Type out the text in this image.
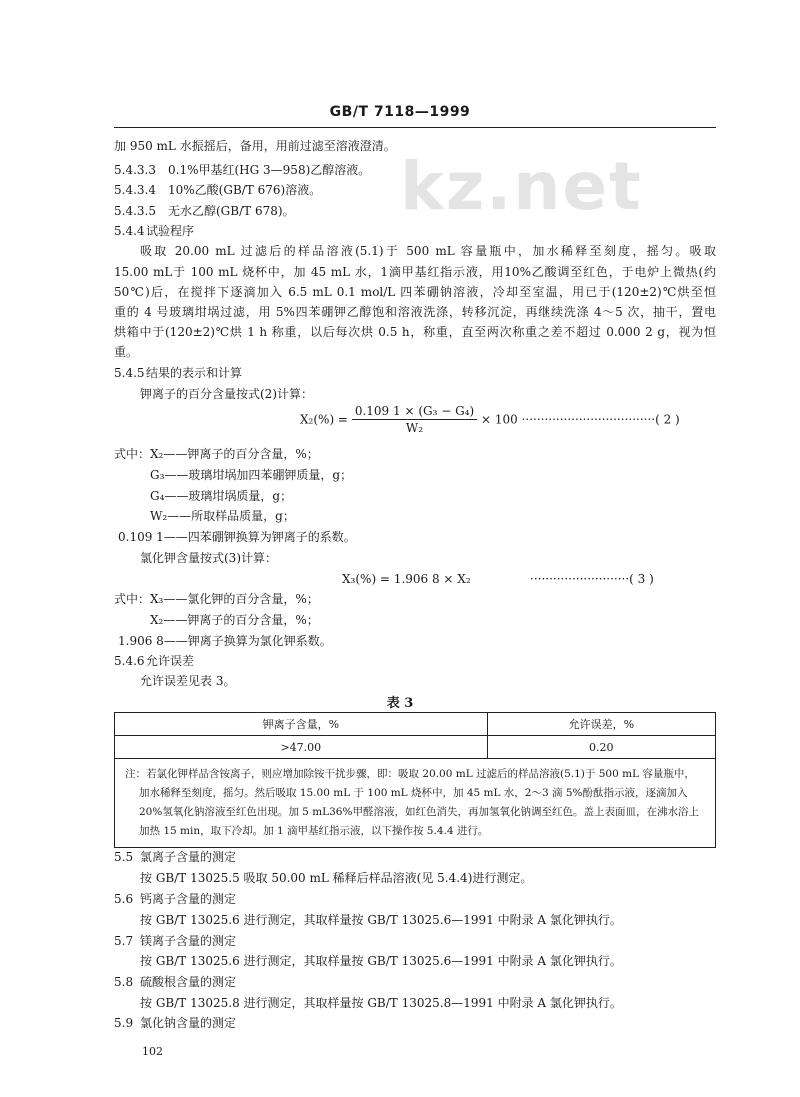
kz.net
GB/T 7118—1999
加 950 mL 水振摇后，备用，用前过滤至溶液澄清。
5.4.3.3 0.1%甲基红(HG 3—958)乙醇溶液。
5.4.3.4 10%乙酸(GB/T 676)溶液。
5.4.3.5 无水乙醇(GB/T 678)。
5.4.4试验程序
吸取 20.00 mL 过滤后的样品溶液(5.1)于 500 mL 容量瓶中，加水稀释至刻度，摇匀。吸取
15.00 mL于 100 mL 烧杯中，加 45 mL 水，1滴甲基红指示液，用10%乙酸调至红色，于电炉上微热(约
50℃)后，在搅拌下逐滴加入 6.5 mL 0.1 mol/L 四苯硼钠溶液，冷却至室温，用已于(120±2)℃烘至恒
重的 4 号玻璃坩埚过滤，用 5%四苯硼钾乙醇饱和溶液洗涤，转移沉淀，再继续洗涤 4～5 次，抽干，置电
烘箱中于(120±2)℃烘 1 h 称重，以后每次烘 0.5 h，称重，直至两次称重之差不超过 0.000 2 g，视为恒
重。
5.4.5结果的表示和计算
钾离子的百分含量按式(2)计算：
$X_2(\%) = \frac{\text{0.109 1 × (G₃ − G₄)}}{\text{W₂}} \times 100$ ···································( 2 )
式中：X₂——钾离子的百分含量，%；
G₃——玻璃坩埚加四苯硼钾质量，g；
G₄——玻璃坩埚质量，g；
W₂——所取样品质量，g；
0.109 1——四苯硼钾换算为钾离子的系数。
氯化钾含量按式(3)计算：
X₃(%) = 1.906 8 × X₂	··························( 3 )
式中：X₃——氯化钾的百分含量，%；
X₂——钾离子的百分含量，%；
1.906 8——钾离子换算为氯化钾系数。
5.4.6允许误差
允许误差见表 3。
表 3
钾离子含量，%	允许误差，%
>47.00	0.20
注：若氯化钾样品含铵离子，则应增加除铵干扰步骤，即：吸取 20.00 mL 过滤后的样品溶液(5.1)于 500 mL 容量瓶中，加水稀释至刻度，摇匀。然后吸取 15.00 mL 于 100 mL 烧杯中，加 45 mL 水，2～3 滴 5%酚酞指示液，逐滴加入 20%氢氧化钠溶液至红色出现。加 5 mL36%甲醛溶液，如红色消失，再加氢氧化钠调至红色。盖上表面皿，在沸水浴上加热 15 min，取下冷却。加 1 滴甲基红指示液，以下操作按 5.4.4 进行。	
5.5 氯离子含量的测定
按 GB/T 13025.5 吸取 50.00 mL 稀释后样品溶液(见 5.4.4)进行测定。
5.6 钙离子含量的测定
按 GB/T 13025.6 进行测定，其取样量按 GB/T 13025.6—1991 中附录 A 氯化钾执行。
5.7 镁离子含量的测定
按 GB/T 13025.6 进行测定，其取样量按 GB/T 13025.6—1991 中附录 A 氯化钾执行。
5.8 硫酸根含量的测定
按 GB/T 13025.8 进行测定，其取样量按 GB/T 13025.8—1991 中附录 A 氯化钾执行。
5.9 氯化钠含量的测定
102
